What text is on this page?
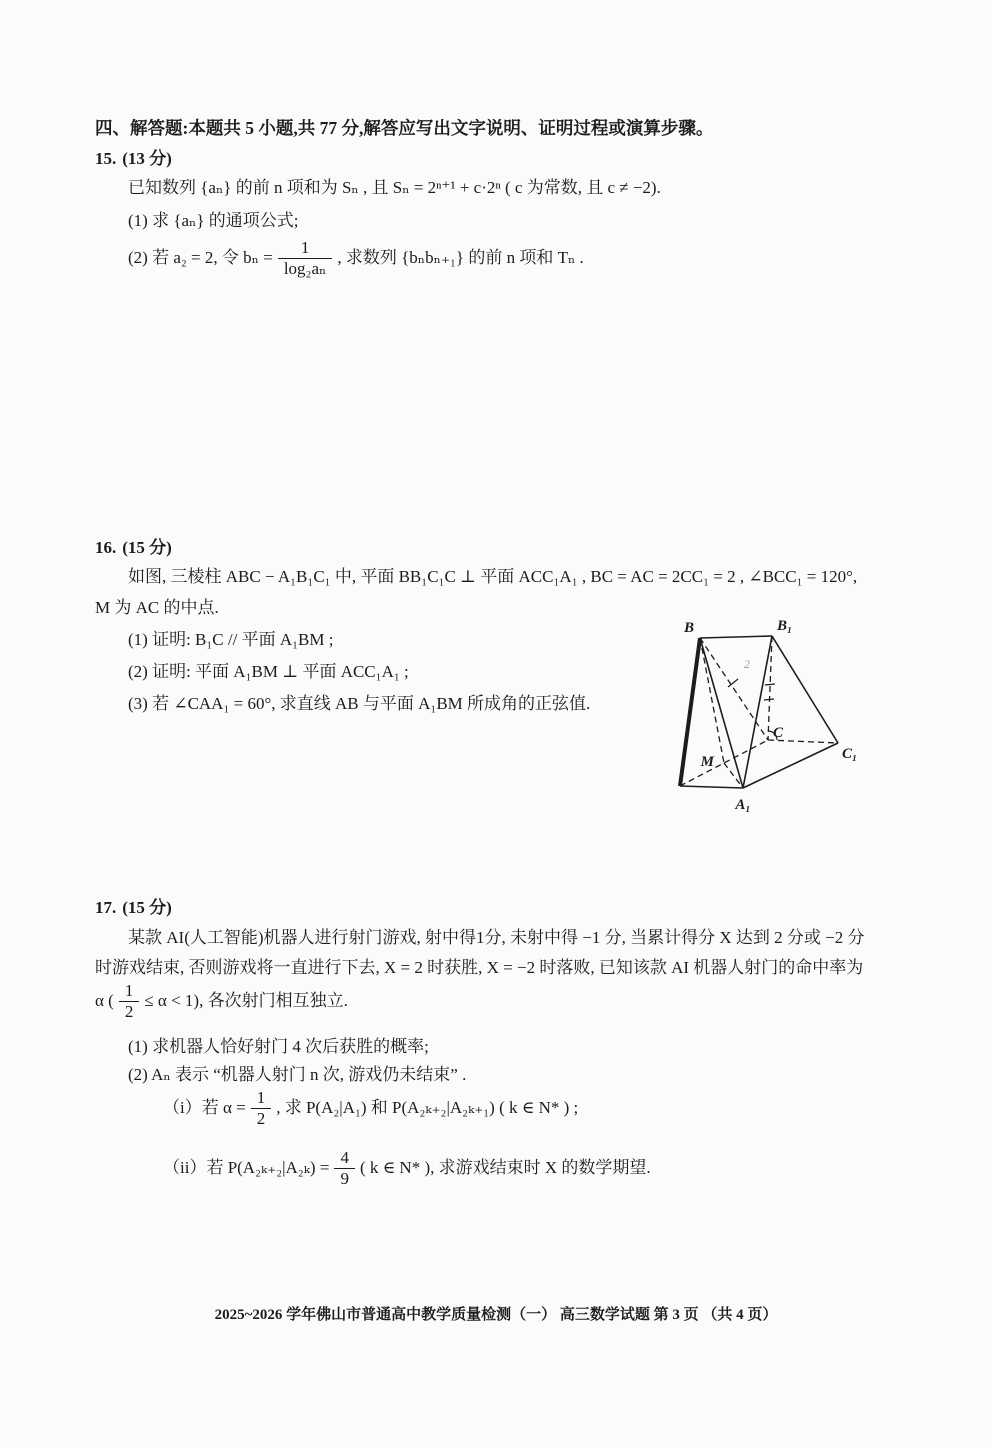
四、解答题:本题共 5 小题,共 77 分,解答应写出文字说明、证明过程或演算步骤。
15. (13 分)
已知数列 {aₙ} 的前 n 项和为 Sₙ , 且 Sₙ = 2ⁿ⁺¹ + c·2ⁿ ( c 为常数, 且 c ≠ −2).
(1) 求 {aₙ} 的通项公式;
(2) 若 a₂ = 2, 令 $b_n = \frac{1}{\text{log₂aₙ}}$ , 求数列 {bₙbₙ₊₁} 的前 n 项和 Tₙ .
16. (15 分)
如图, 三棱柱 ABC − A₁B₁C₁ 中, 平面 BB₁C₁C ⊥ 平面 ACC₁A₁ , BC = AC = 2CC₁ = 2 , ∠BCC₁ = 120°,
M 为 AC 的中点.
(1) 证明: B₁C // 平面 A₁BM ;
(2) 证明: 平面 A₁BM ⊥ 平面 ACC₁A₁ ;
(3) 若 ∠CAA₁ = 60°, 求直线 AB 与平面 A₁BM 所成角的正弦值.
B	B₁
C
C₁
M
A₁
2
17. (15 分)
某款 AI(人工智能)机器人进行射门游戏, 射中得1分, 未射中得 −1 分, 当累计得分 X 达到 2 分或 −2 分
时游戏结束, 否则游戏将一直进行下去, X = 2 时获胜, X = −2 时落败, 已知该款 AI 机器人射门的命中率为
α ( $\frac{1}{2} \le \alpha < 1$), 各次射门相互独立.
(1) 求机器人恰好射门 4 次后获胜的概率;
(2) Aₙ 表示 “机器人射门 n 次, 游戏仍未结束” .
（i）若 $\alpha = \frac{1}{2}$ , 求 P(A₂|A₁) 和 P(A₂ₖ₊₂|A₂ₖ₊₁) ( k ∈ N* ) ;
（ii）若 $P(A_{2k+2}|A_{2k}) = \frac{4}{9}$ ( k ∈ N* ), 求游戏结束时 X 的数学期望.
2025~2026 学年佛山市普通高中教学质量检测（一） 高三数学试题 第 3 页 （共 4 页）
